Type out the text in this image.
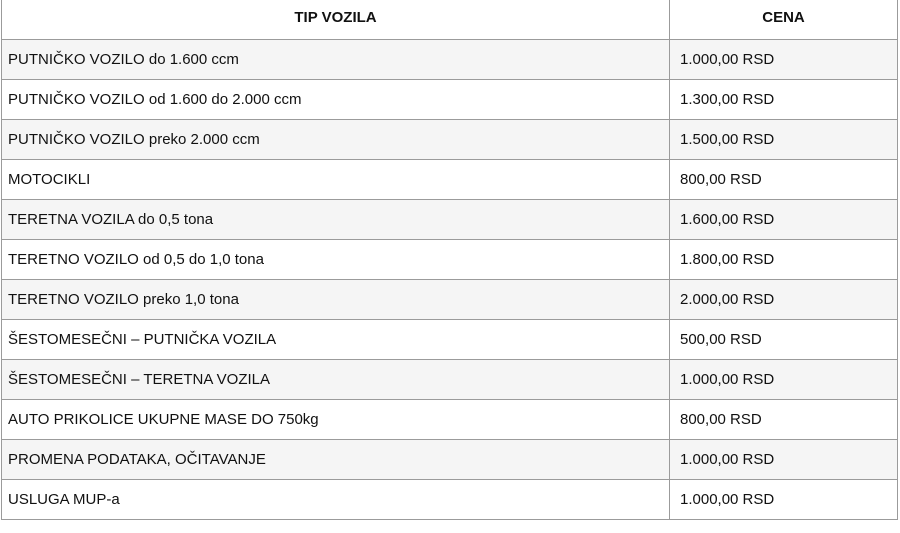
TIP VOZILA	CENA
PUTNIČKO VOZILO do 1.600 ccm	1.000,00 RSD
PUTNIČKO VOZILO od 1.600 do 2.000 ccm	1.300,00 RSD
PUTNIČKO VOZILO preko 2.000 ccm	1.500,00 RSD
MOTOCIKLI	800,00 RSD
TERETNA VOZILA do 0,5 tona	1.600,00 RSD
TERETNO VOZILO od 0,5 do 1,0 tona	1.800,00 RSD
TERETNO VOZILO preko 1,0 tona	2.000,00 RSD
ŠESTOMESEČNI – PUTNIČKA VOZILA	500,00 RSD
ŠESTOMESEČNI – TERETNA VOZILA	1.000,00 RSD
AUTO PRIKOLICE UKUPNE MASE DO 750kg	800,00 RSD
PROMENA PODATAKA, OČITAVANJE	1.000,00 RSD
USLUGA MUP-a	1.000,00 RSD
